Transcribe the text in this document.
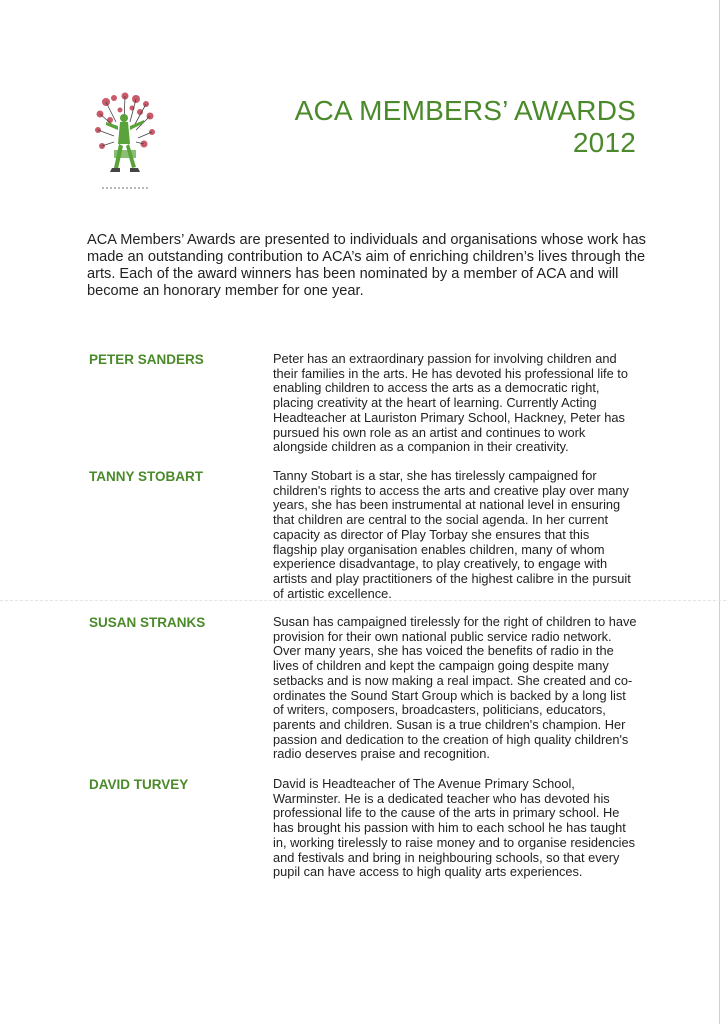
ACA MEMBERS’ AWARDS
2012
ACA Members’ Awards are presented to individuals and organisations whose work has made an outstanding contribution to ACA’s aim of enriching children’s lives through the arts. Each of the award winners has been nominated by a member of ACA and will become an honorary member for one year.
PETER SANDERS	Peter has an extraordinary passion for involving children and
their families in the arts. He has devoted his professional life to
enabling children to access the arts as a democratic right,
placing creativity at the heart of learning. Currently Acting
Headteacher at Lauriston Primary School, Hackney, Peter has
pursued his own role as an artist and continues to work
alongside children as a companion in their creativity.
TANNY STOBART	Tanny Stobart is a star, she has tirelessly campaigned for
children's rights to access the arts and creative play over many
years, she has been instrumental at national level in ensuring
that children are central to the social agenda. In her current
capacity as director of Play Torbay she ensures that this
flagship play organisation enables children, many of whom
experience disadvantage, to play creatively, to engage with
artists and play practitioners of the highest calibre in the pursuit
of artistic excellence.
SUSAN STRANKS	Susan has campaigned tirelessly for the right of children to have
provision for their own national public service radio network.
Over many years, she has voiced the benefits of radio in the
lives of children and kept the campaign going despite many
setbacks and is now making a real impact. She created and co-
ordinates the Sound Start Group which is backed by a long list
of writers, composers, broadcasters, politicians, educators,
parents and children. Susan is a true children's champion. Her
passion and dedication to the creation of high quality children's
radio deserves praise and recognition.
DAVID TURVEY	David is Headteacher of The Avenue Primary School,
Warminster. He is a dedicated teacher who has devoted his
professional life to the cause of the arts in primary school. He
has brought his passion with him to each school he has taught
in, working tirelessly to raise money and to organise residencies
and festivals and bring in neighbouring schools, so that every
pupil can have access to high quality arts experiences.
